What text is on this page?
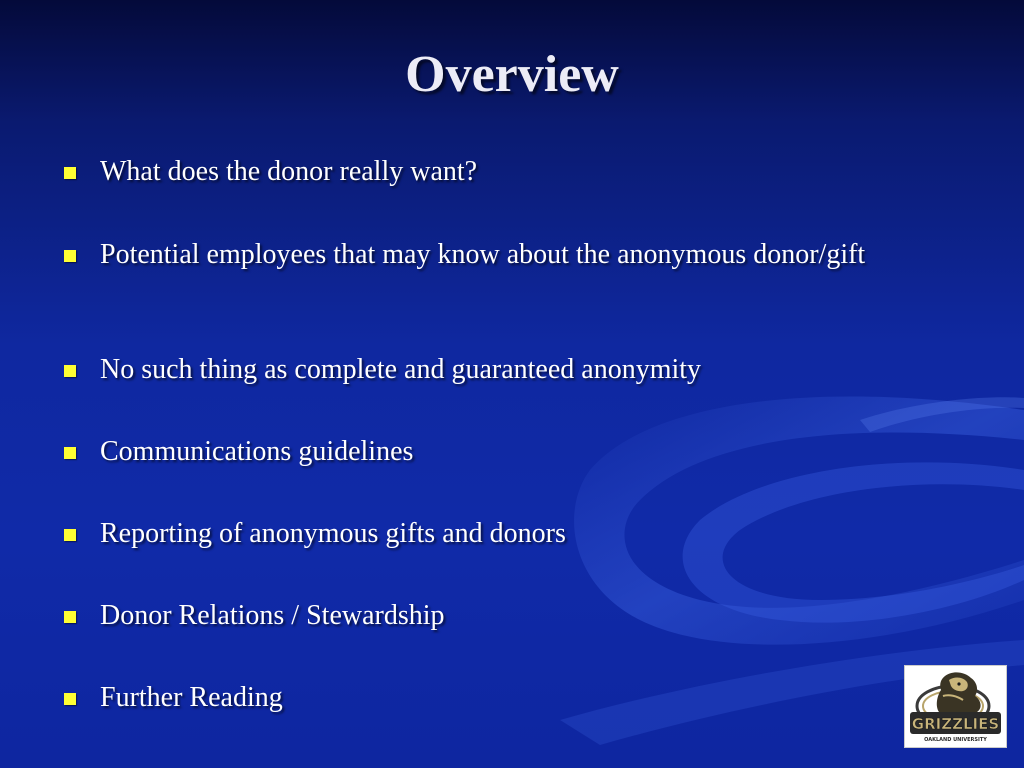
Overview
What does the donor really want?
Potential employees that may know about the anonymous donor/gift
No such thing as complete and guaranteed anonymity
Communications guidelines
Reporting of anonymous gifts and donors
Donor Relations / Stewardship
Further Reading
GRIZZLIES
OAKLAND UNIVERSITY
